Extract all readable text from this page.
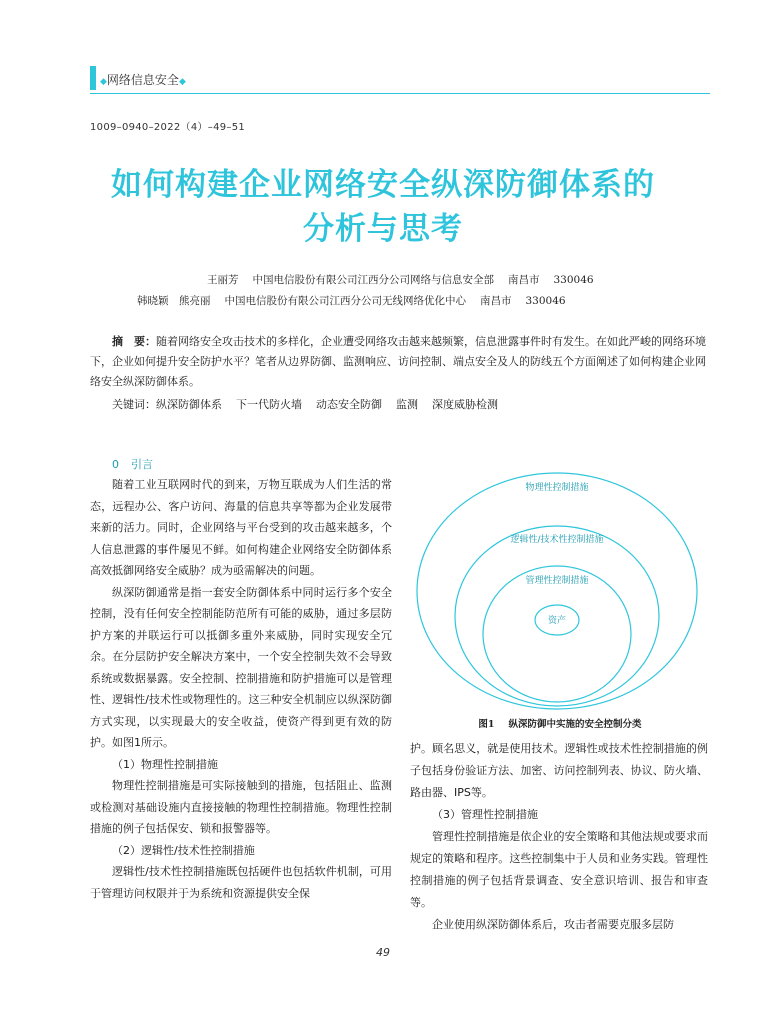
◆网络信息安全◆
1009–0940–2022（4）–49–51
如何构建企业网络安全纵深防御体系的
分析与思考
王丽芳 中国电信股份有限公司江西分公司网络与信息安全部 南昌市 330046
韩晓颖　熊亮丽 中国电信股份有限公司江西分公司无线网络优化中心 南昌市 330046

摘　要：随着网络安全攻击技术的多样化，企业遭受网络攻击越来越频繁，信息泄露事件时有发生。在如此严峻的网络环境下，企业如何提升安全防护水平？笔者从边界防御、监测响应、访问控制、端点安全及人的防线五个方面阐述了如何构建企业网络安全纵深防御体系。

关键词：纵深防御体系 下一代防火墙 动态安全防御 监测 深度威胁检测

0 引言

随着工业互联网时代的到来，万物互联成为人们生活的常态，远程办公、客户访问、海量的信息共享等都为企业发展带来新的活力。同时，企业网络与平台受到的攻击越来越多，个人信息泄露的事件屡见不鲜。如何构建企业网络安全防御体系高效抵御网络安全威胁？成为亟需解决的问题。

纵深防御通常是指一套安全防御体系中同时运行多个安全控制，没有任何安全控制能防范所有可能的威胁，通过多层防护方案的并联运行可以抵御多重外来威胁，同时实现安全冗余。在分层防护安全解决方案中，一个安全控制失效不会导致系统或数据暴露。安全控制、控制措施和防护措施可以是管理性、逻辑性/技术性或物理性的。这三种安全机制应以纵深防御方式实现，以实现最大的安全收益，使资产得到更有效的防护。如图1所示。

（1）物理性控制措施

物理性控制措施是可实际接触到的措施，包括阻止、监测或检测对基础设施内直接接触的物理性控制措施。物理性控制措施的例子包括保安、锁和报警器等。

（2）逻辑性/技术性控制措施

逻辑性/技术性控制措施既包括硬件也包括软件机制，可用于管理访问权限并于为系统和资源提供安全保

物理性控制措施
逻辑性/技术性控制措施
管理性控制措施
资产
图1 纵深防御中实施的安全控制分类

护。顾名思义，就是使用技术。逻辑性或技术性控制措施的例子包括身份验证方法、加密、访问控制列表、协议、防火墙、路由器、IPS等。

（3）管理性控制措施

管理性控制措施是依企业的安全策略和其他法规或要求而规定的策略和程序。这些控制集中于人员和业务实践。管理性控制措施的例子包括背景调查、安全意识培训、报告和审查等。

企业使用纵深防御体系后，攻击者需要克服多层防

49
